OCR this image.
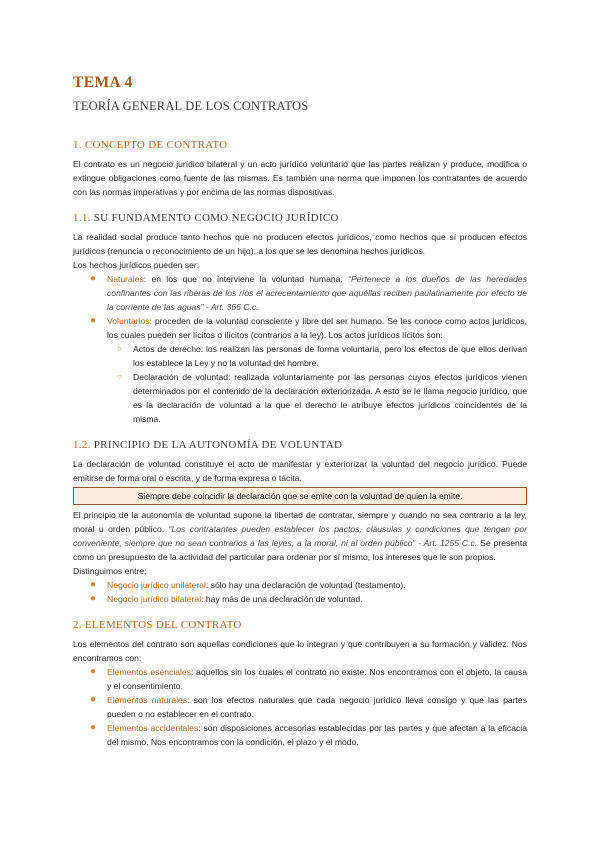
TEMA 4
TEORÍA GENERAL DE LOS CONTRATOS
1. CONCEPTO DE CONTRATO

El contrato es un negocio jurídico bilateral y un acto jurídico voluntario que las partes realizan y produce, modifica o extingue obligaciones como fuente de las mismas. Es también una norma que imponen los contratantes de acuerdo con las normas imperativas y por encima de las normas dispositivas.

1.1. SU FUNDAMENTO COMO NEGOCIO JURÍDICO

La realidad social produce tanto hechos que no producen efectos jurídicos, como hechos que sí producen efectos jurídicos (renuncia o reconocimiento de un hijo), a los que se les denomina hechos jurídicos.

Los hechos jurídicos pueden ser:

● Naturales: en los que no interviene la voluntad humana. “Pertenece a los dueños de las heredades confinantes con las riberas de los ríos el acrecentamiento que aquéllas reciben paulatinamente por efecto de la corriente de las aguas” - Art. 366 C.c.
● Voluntarios: proceden de la voluntad consciente y libre del ser humano. Se les conoce como actos jurídicos, los cuales pueden ser lícitos o ilícitos (contrarios a la ley). Los actos jurídicos lícitos son:
○ Actos de derecho: los realizan las personas de forma voluntaria, pero los efectos de que ellos derivan los establece la Ley y no la voluntad del hombre.
○ Declaración de voluntad: realizada voluntariamente por las personas cuyos efectos jurídicos vienen determinados por el contenido de la declaración exteriorizada. A esto se le llama negocio jurídico, que es la declaración de voluntad a la que el derecho le atribuye efectos jurídicos coincidentes de la misma.
1.2. PRINCIPIO DE LA AUTONOMÍA DE VOLUNTAD

La declaración de voluntad constituye el acto de manifestar y exteriorizar la voluntad del negocio jurídico. Puede emitirse de forma oral o escrita, y de forma expresa o tácita.

Siempre debe coincidir la declaración que se emite con la voluntad de quien la emite.

El principio de la autonomía de voluntad supone la libertad de contratar, siempre y cuando no sea contrario a la ley, moral u orden público. “Los contratantes pueden establecer los pactos, cláusulas y condiciones que tengan por conveniente, siempre que no sean contrarios a las leyes, a la moral, ni al orden público” - Art. 1255 C.c. Se presenta como un presupuesto de la actividad del particular para ordenar por sí mismo, los intereses que le son propios.

Distinguimos entre:

● Negocio jurídico unilateral: sólo hay una declaración de voluntad (testamento).
● Negocio jurídico bilateral: hay más de una declaración de voluntad.
2. ELEMENTOS DEL CONTRATO

Los elementos del contrato son aquellas condiciones que lo integran y que contribuyen a su formación y validez. Nos encontramos con:

● Elementos esenciales: aquellos sin los cuales el contrato no existe. Nos encontramos con el objeto, la causa y el consentimiento.
● Elementos naturales: son los efectos naturales que cada negocio jurídico lleva consigo y que las partes pueden o no establecer en el contrato.
● Elementos accidentales: son disposiciones accesorias establecidas por las partes y que afectan a la eficacia del mismo. Nos encontramos con la condición, el plazo y el modo.
